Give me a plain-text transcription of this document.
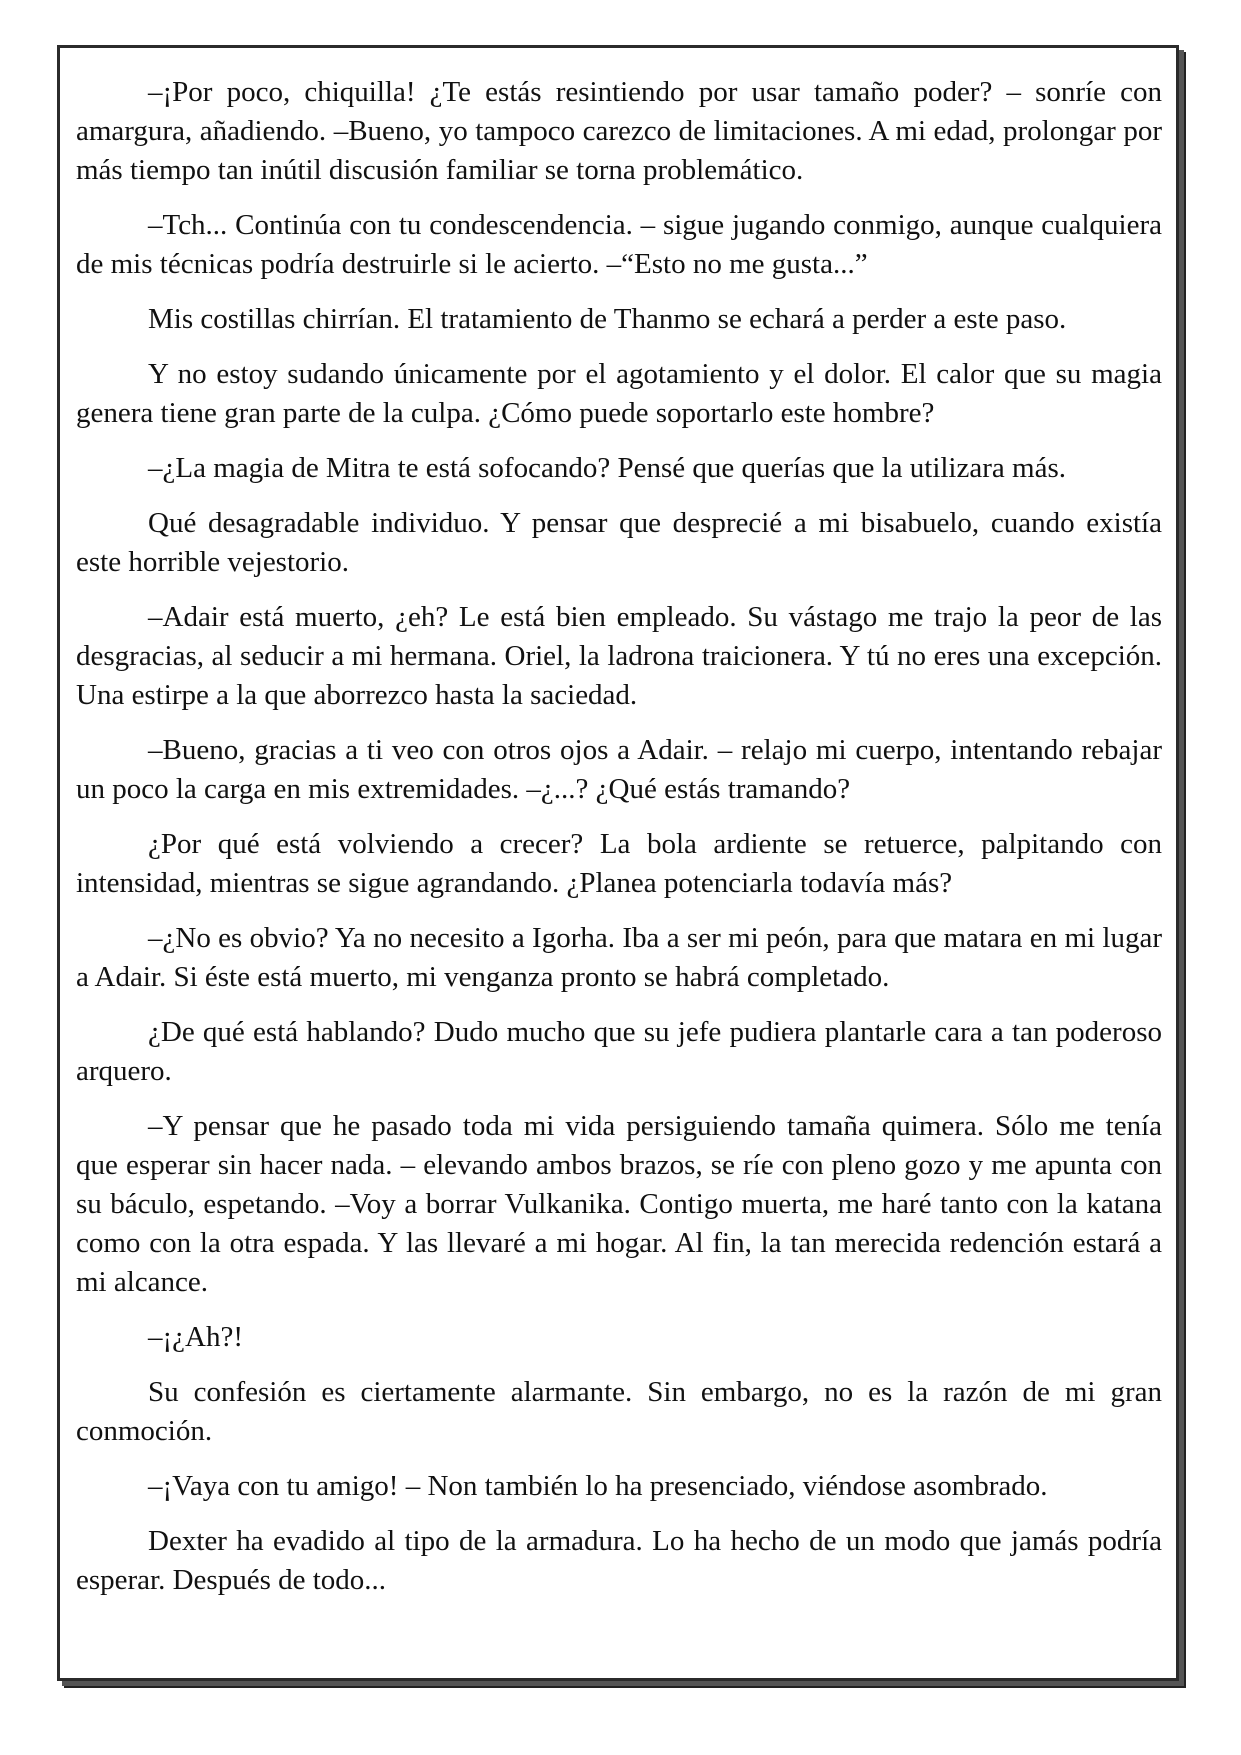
–¡Por poco, chiquilla! ¿Te estás resintiendo por usar tamaño poder? – sonríe con amargura, añadiendo. –Bueno, yo tampoco carezco de limitaciones. A mi edad, prolongar por más tiempo tan inútil discusión familiar se torna problemático.

–Tch... Continúa con tu condescendencia. – sigue jugando conmigo, aunque cualquiera de mis técnicas podría destruirle si le acierto. –“Esto no me gusta...”

Mis costillas chirrían. El tratamiento de Thanmo se echará a perder a este paso.

Y no estoy sudando únicamente por el agotamiento y el dolor. El calor que su magia genera tiene gran parte de la culpa. ¿Cómo puede soportarlo este hombre?

–¿La magia de Mitra te está sofocando? Pensé que querías que la utilizara más.

Qué desagradable individuo. Y pensar que desprecié a mi bisabuelo, cuando existía este horrible vejestorio.

–Adair está muerto, ¿eh? Le está bien empleado. Su vástago me trajo la peor de las desgracias, al seducir a mi hermana. Oriel, la ladrona traicionera. Y tú no eres una excepción. Una estirpe a la que aborrezco hasta la saciedad.

–Bueno, gracias a ti veo con otros ojos a Adair. – relajo mi cuerpo, intentando rebajar un poco la carga en mis extremidades. –¿...? ¿Qué estás tramando?

¿Por qué está volviendo a crecer? La bola ardiente se retuerce, palpitando con intensidad, mientras se sigue agrandando. ¿Planea potenciarla todavía más?

–¿No es obvio? Ya no necesito a Igorha. Iba a ser mi peón, para que matara en mi lugar a Adair. Si éste está muerto, mi venganza pronto se habrá completado.

¿De qué está hablando? Dudo mucho que su jefe pudiera plantarle cara a tan poderoso arquero.

–Y pensar que he pasado toda mi vida persiguiendo tamaña quimera. Sólo me tenía que esperar sin hacer nada. – elevando ambos brazos, se ríe con pleno gozo y me apunta con su báculo, espetando. –Voy a borrar Vulkanika. Contigo muerta, me haré tanto con la katana como con la otra espada. Y las llevaré a mi hogar. Al fin, la tan merecida redención estará a mi alcance.

–¡¿Ah?!

Su confesión es ciertamente alarmante. Sin embargo, no es la razón de mi gran conmoción.

–¡Vaya con tu amigo! – Non también lo ha presenciado, viéndose asombrado.

Dexter ha evadido al tipo de la armadura. Lo ha hecho de un modo que jamás podría esperar. Después de todo...
